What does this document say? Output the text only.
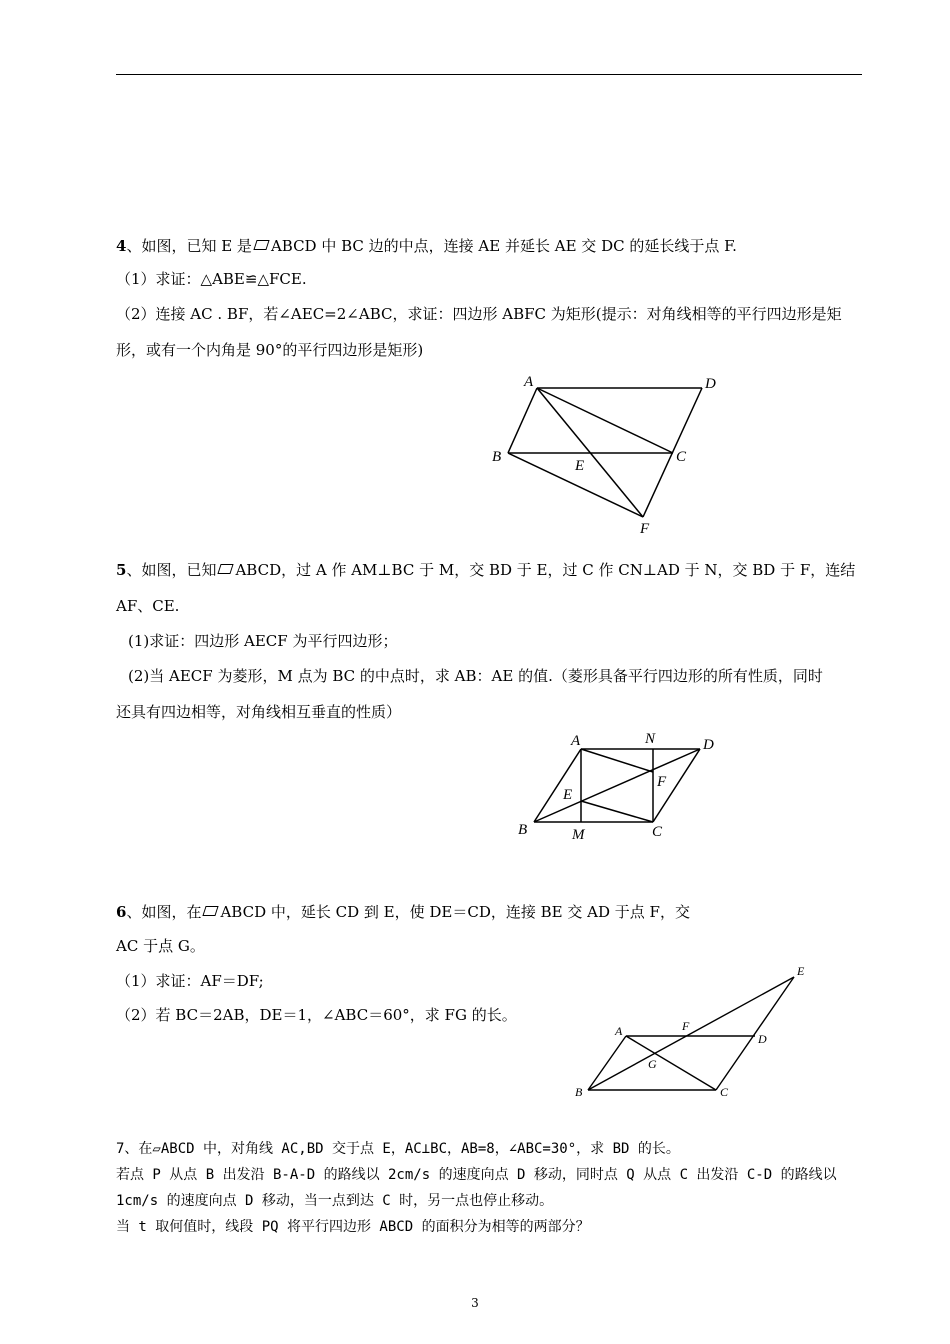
4、如图，已知 E 是 ABCD 中 BC 边的中点，连接 AE 并延长 AE 交 DC 的延长线于点 F.
（1）求证：△ABE≌△FCE.
（2）连接 AC . BF，若∠AEC=2∠ABC，求证：四边形 ABFC 为矩形(提示：对角线相等的平行四边形是矩
形，或有一个内角是 90°的平行四边形是矩形)
A	D
B
E
C
F
5、如图，已知 ABCD，过 A 作 AM⊥BC 于 M，交 BD 于 E，过 C 作 CN⊥AD 于 N，交 BD 于 F，连结
AF、CE.
(1)求证：四边形 AECF 为平行四边形；
(2)当 AECF 为菱形，M 点为 BC 的中点时，求 AB：AE 的值.（菱形具备平行四边形的所有性质，同时
还具有四边相等，对角线相互垂直的性质）
A	N	D
F
E
B	M	C
6、如图，在 ABCD 中，延长 CD 到 E，使 DE＝CD，连接 BE 交 AD 于点 F，交
AC 于点 G。
（1）求证：AF＝DF;
（2）若 BC＝2AB，DE＝1，∠ABC＝60°，求 FG 的长。
E
A	F
D
G
B	C
7、在▱ABCD 中，对角线 AC,BD 交于点 E，AC⊥BC，AB=8，∠ABC=30°，求 BD 的长。
若点 P 从点 B 出发沿 B-A-D 的路线以 2cm/s 的速度向点 D 移动，同时点 Q 从点 C 出发沿 C-D 的路线以
1cm/s 的速度向点 D 移动，当一点到达 C 时，另一点也停止移动。
当 t 取何值时，线段 PQ 将平行四边形 ABCD 的面积分为相等的两部分？
3
